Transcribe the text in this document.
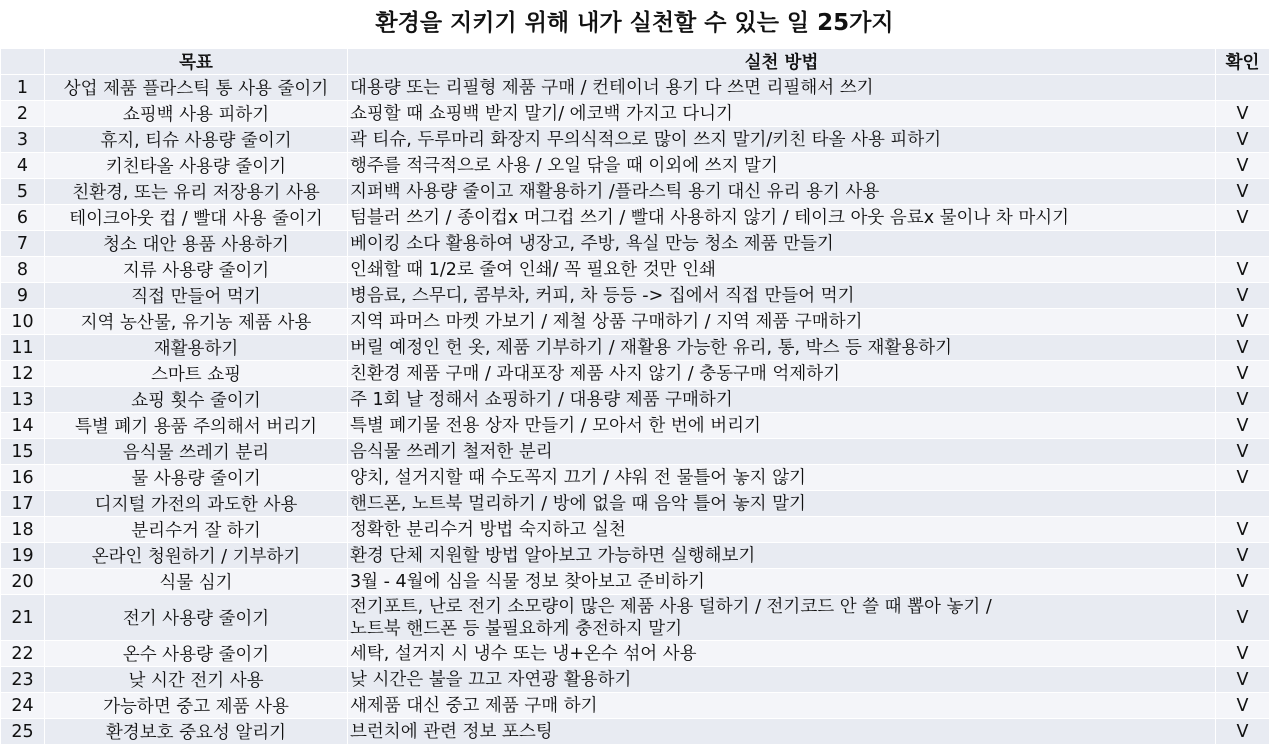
환경을 지키기 위해 내가 실천할 수 있는 일 25가지
	목표	실천 방법	확인
1	상업 제품 플라스틱 통 사용 줄이기	대용량 또는 리필형 제품 구매 / 컨테이너 용기 다 쓰면 리필해서 쓰기	

2	쇼핑백 사용 피하기	쇼핑할 때 쇼핑백 받지 말기/ 에코백 가지고 다니기	V
3	휴지, 티슈 사용량 줄이기	곽 티슈, 두루마리 화장지 무의식적으로 많이 쓰지 말기/키친 타올 사용 피하기	V
4	키친타올 사용량 줄이기	행주를 적극적으로 사용 / 오일 닦을 때 이외에 쓰지 말기	V
5	친환경, 또는 유리 저장용기 사용	지퍼백 사용량 줄이고 재활용하기 /플라스틱 용기 대신 유리 용기 사용	V
6	테이크아웃 컵 / 빨대 사용 줄이기	텀블러 쓰기 / 종이컵x 머그컵 쓰기 / 빨대 사용하지 않기 / 테이크 아웃 음료x 물이나 차 마시기	V
7	청소 대안 용품 사용하기	베이킹 소다 활용하여 냉장고, 주방, 욕실 만능 청소 제품 만들기	

8	지류 사용량 줄이기	인쇄할 때 1/2로 줄여 인쇄/ 꼭 필요한 것만 인쇄	V
9	직접 만들어 먹기	병음료, 스무디, 콤부차, 커피, 차 등등 -> 집에서 직접 만들어 먹기	V
10	지역 농산물, 유기농 제품 사용	지역 파머스 마켓 가보기 / 제철 상품 구매하기 / 지역 제품 구매하기	V
11	재활용하기	버릴 예정인 헌 옷, 제품 기부하기 / 재활용 가능한 유리, 통, 박스 등 재활용하기	V
12	스마트 쇼핑	친환경 제품 구매 / 과대포장 제품 사지 않기 / 충동구매 억제하기	V
13	쇼핑 횟수 줄이기	주 1회 날 정해서 쇼핑하기 / 대용량 제품 구매하기	V
14	특별 폐기 용품 주의해서 버리기	특별 폐기물 전용 상자 만들기 / 모아서 한 번에 버리기	V
15	음식물 쓰레기 분리	음식물 쓰레기 철저한 분리	V
16	물 사용량 줄이기	양치, 설거지할 때 수도꼭지 끄기 / 샤워 전 물틀어 놓지 않기	V
17	디지털 가전의 과도한 사용	핸드폰, 노트북 멀리하기 / 방에 없을 때 음악 틀어 놓지 말기	

18	분리수거 잘 하기	정확한 분리수거 방법 숙지하고 실천	V
19	온라인 청원하기 / 기부하기	환경 단체 지원할 방법 알아보고 가능하면 실행해보기	V
20	식물 심기	3월 - 4월에 심을 식물 정보 찾아보고 준비하기	V
21	전기 사용량 줄이기	전기포트, 난로 전기 소모량이 많은 제품 사용 덜하기 / 전기코드 안 쓸 때 뽑아 놓기 /
노트북 핸드폰 등 불필요하게 충전하지 말기	V
22	온수 사용량 줄이기	세탁, 설거지 시 냉수 또는 냉+온수 섞어 사용	V
23	낮 시간 전기 사용	낮 시간은 불을 끄고 자연광 활용하기	V
24	가능하면 중고 제품 사용	새제품 대신 중고 제품 구매 하기	V
25	환경보호 중요성 알리기	브런치에 관련 정보 포스팅	V
